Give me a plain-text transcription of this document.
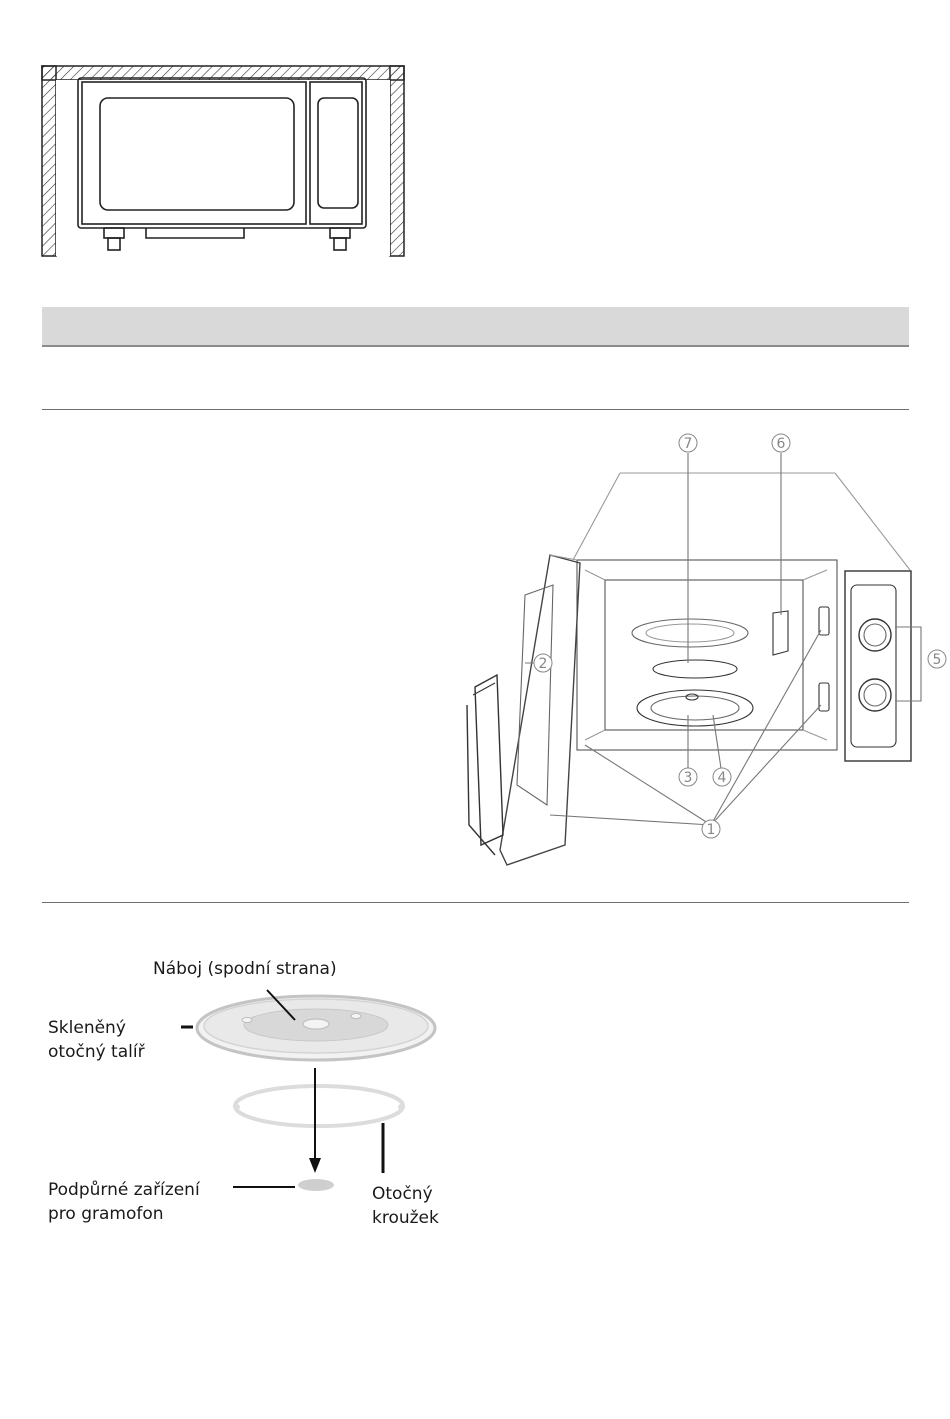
7	6
3 4
1
5
2
Náboj (spodní strana)
Skleněný
otočný talíř
Podpůrné zařízení
pro gramofon
Otočný
kroužek
